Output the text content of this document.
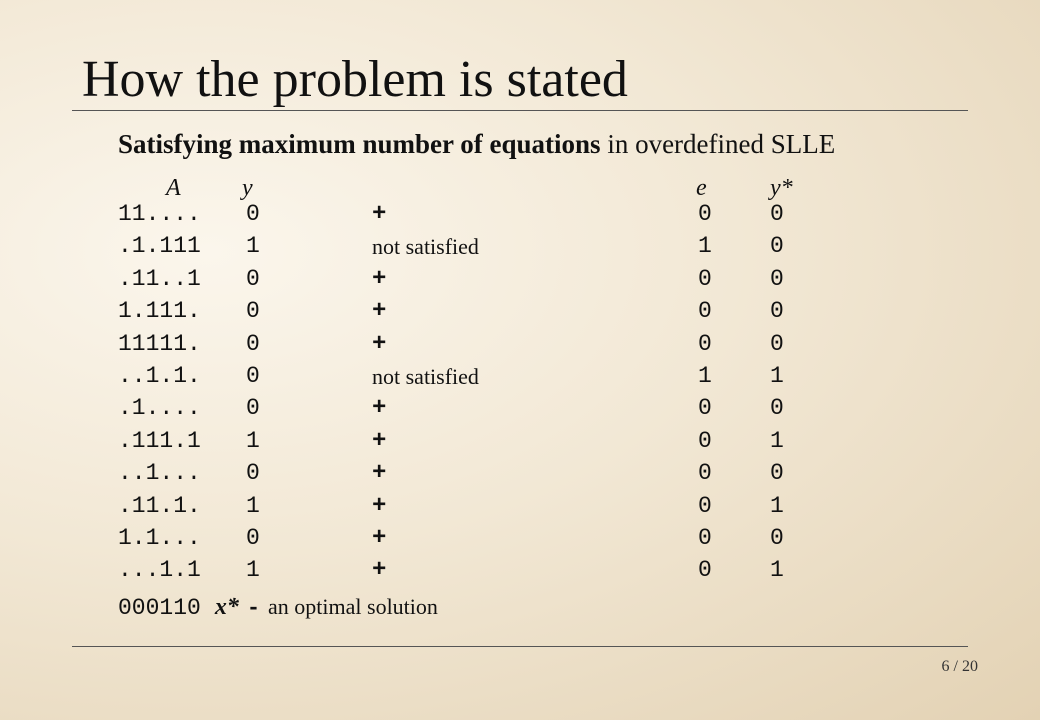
How the problem is stated

Satisfying maximum number of equations in overdefined SLLE

A	y	e	y*
11.... 0	+	0	0
.1.111 1	not satisfied	1	0
.11..1 0	+	0	0
1.111. 0	+	0	0
11111. 0	+	0	0
..1.1. 0	not satisfied	1	1
.1.... 0	+	0	0
.111.1 1	+	0	1
..1... 0	+	0	0
.11.1. 1	+	0	1
1.1... 0	+	0	0
...1.1 1	+	0	1
000110 x* - an optimal solution
6 / 20
